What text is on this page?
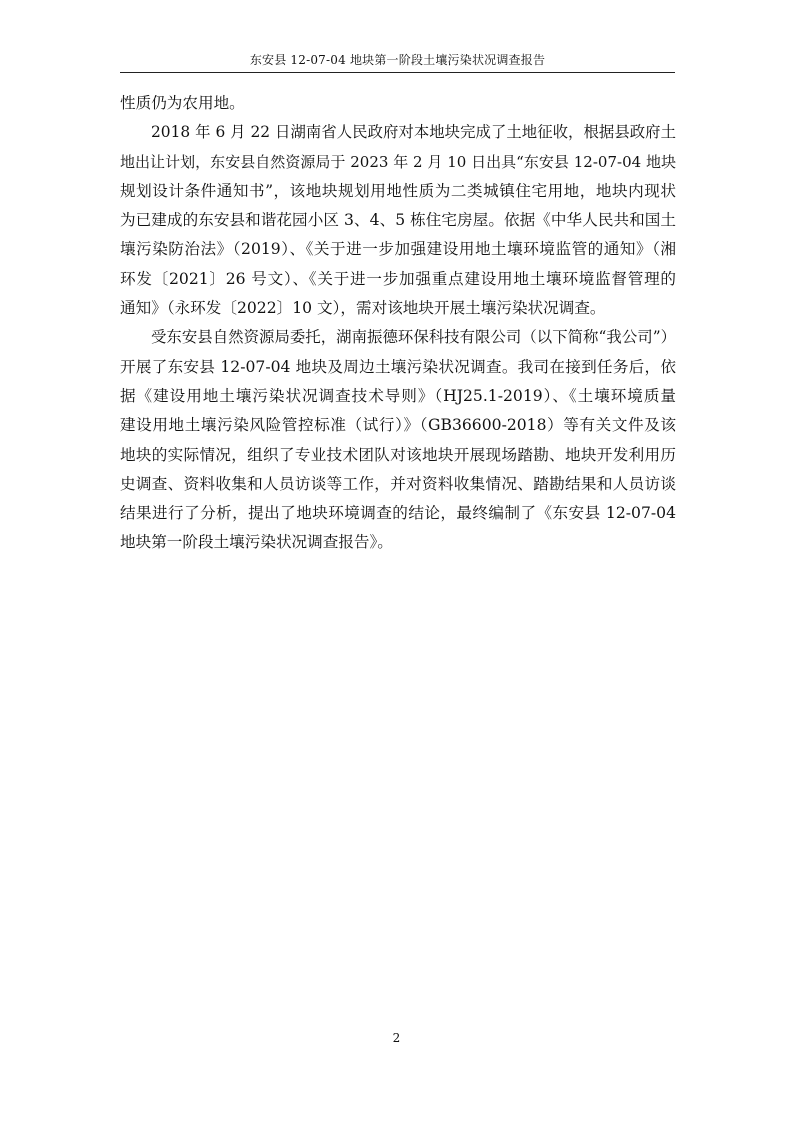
东安县 12-07-04 地块第一阶段土壤污染状况调查报告

性质仍为农用地。

2018 年 6 月 22 日湖南省人民政府对本地块完成了土地征收，根据县政府土
地出让计划，东安县自然资源局于 2023 年 2 月 10 日出具“东安县 12-07-04 地块
规划设计条件通知书”，该地块规划用地性质为二类城镇住宅用地，地块内现状
为已建成的东安县和谐花园小区 3、4、5 栋住宅房屋。依据《中华人民共和国土
壤污染防治法》（2019）、《关于进一步加强建设用地土壤环境监管的通知》（湘
环发〔2021〕26 号文）、《关于进一步加强重点建设用地土壤环境监督管理的
通知》（永环发〔2022〕10 文），需对该地块开展土壤污染状况调查。

受东安县自然资源局委托，湖南振德环保科技有限公司（以下简称“我公司”）
开展了东安县 12-07-04 地块及周边土壤污染状况调查。我司在接到任务后，依
据《建设用地土壤污染状况调查技术导则》（HJ25.1-2019）、《土壤环境质量
建设用地土壤污染风险管控标准（试行）》（GB36600-2018）等有关文件及该
地块的实际情况，组织了专业技术团队对该地块开展现场踏勘、地块开发利用历
史调查、资料收集和人员访谈等工作，并对资料收集情况、踏勘结果和人员访谈
结果进行了分析，提出了地块环境调查的结论，最终编制了《东安县 12-07-04
地块第一阶段土壤污染状况调查报告》。

2
